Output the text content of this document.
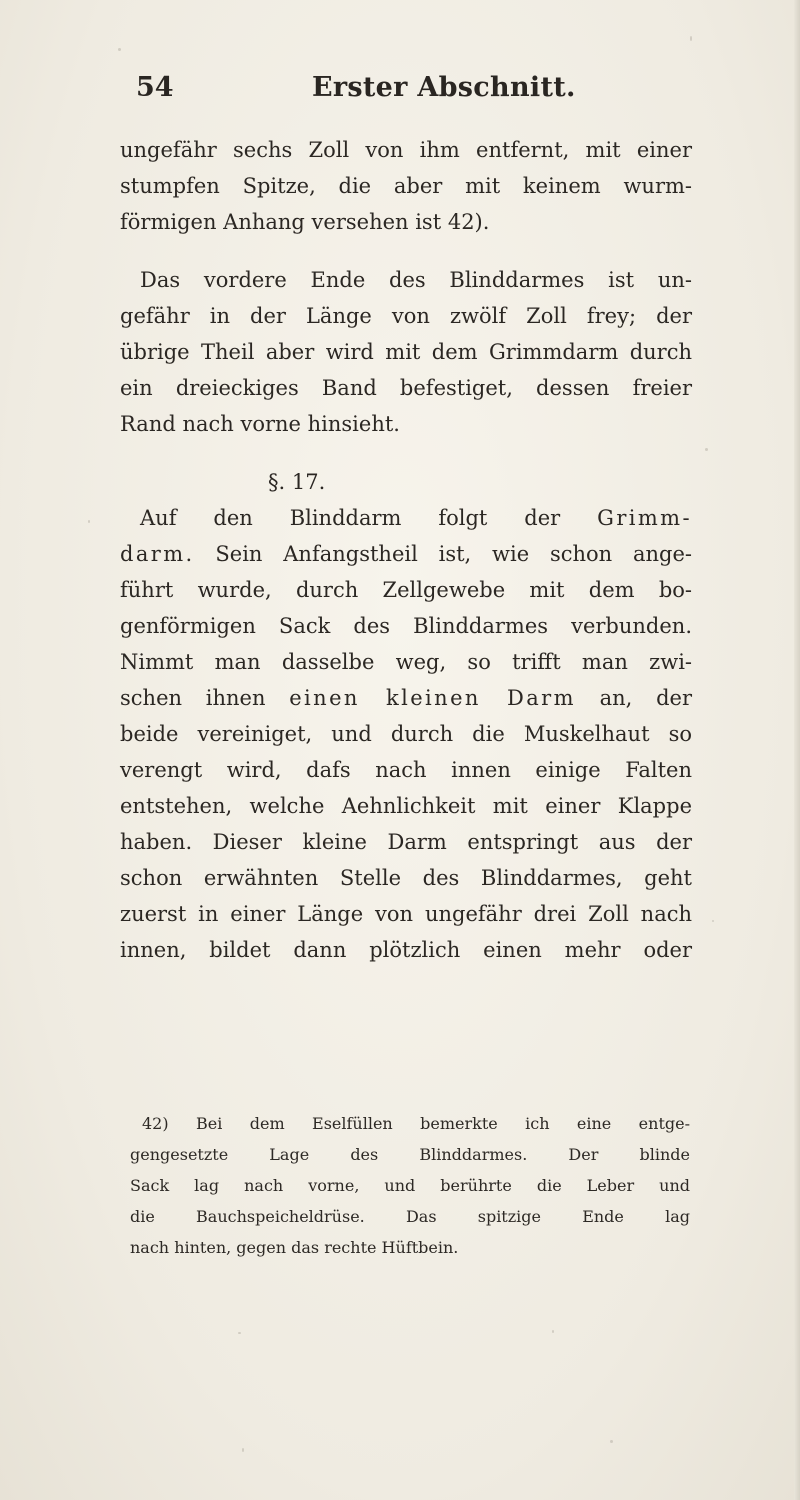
54	Erster Abschnitt.
ungefähr sechs Zoll von ihm entfernt, mit einer
stumpfen Spitze, die aber mit keinem wurm-
förmigen Anhang versehen ist 42).
Das vordere Ende des Blinddarmes ist un-
gefähr in der Länge von zwölf Zoll frey; der
übrige Theil aber wird mit dem Grimmdarm durch
ein dreieckiges Band befestiget, dessen freier
Rand nach vorne hinsieht.
§. 17.
Auf den Blinddarm folgt der Grimm-
darm. Sein Anfangstheil ist, wie schon ange-
führt wurde, durch Zellgewebe mit dem bo-
genförmigen Sack des Blinddarmes verbunden.
Nimmt man dasselbe weg, so trifft man zwi-
schen ihnen einen kleinen Darm an, der
beide vereiniget, und durch die Muskelhaut so
verengt wird, dafs nach innen einige Falten
entstehen, welche Aehnlichkeit mit einer Klappe
haben. Dieser kleine Darm entspringt aus der
schon erwähnten Stelle des Blinddarmes, geht
zuerst in einer Länge von ungefähr drei Zoll nach
innen, bildet dann plötzlich einen mehr oder
42) Bei dem Eselfüllen bemerkte ich eine entge-
gengesetzte Lage des Blinddarmes. Der blinde
Sack lag nach vorne, und berührte die Leber und
die Bauchspeicheldrüse. Das spitzige Ende lag
nach hinten, gegen das rechte Hüftbein.
